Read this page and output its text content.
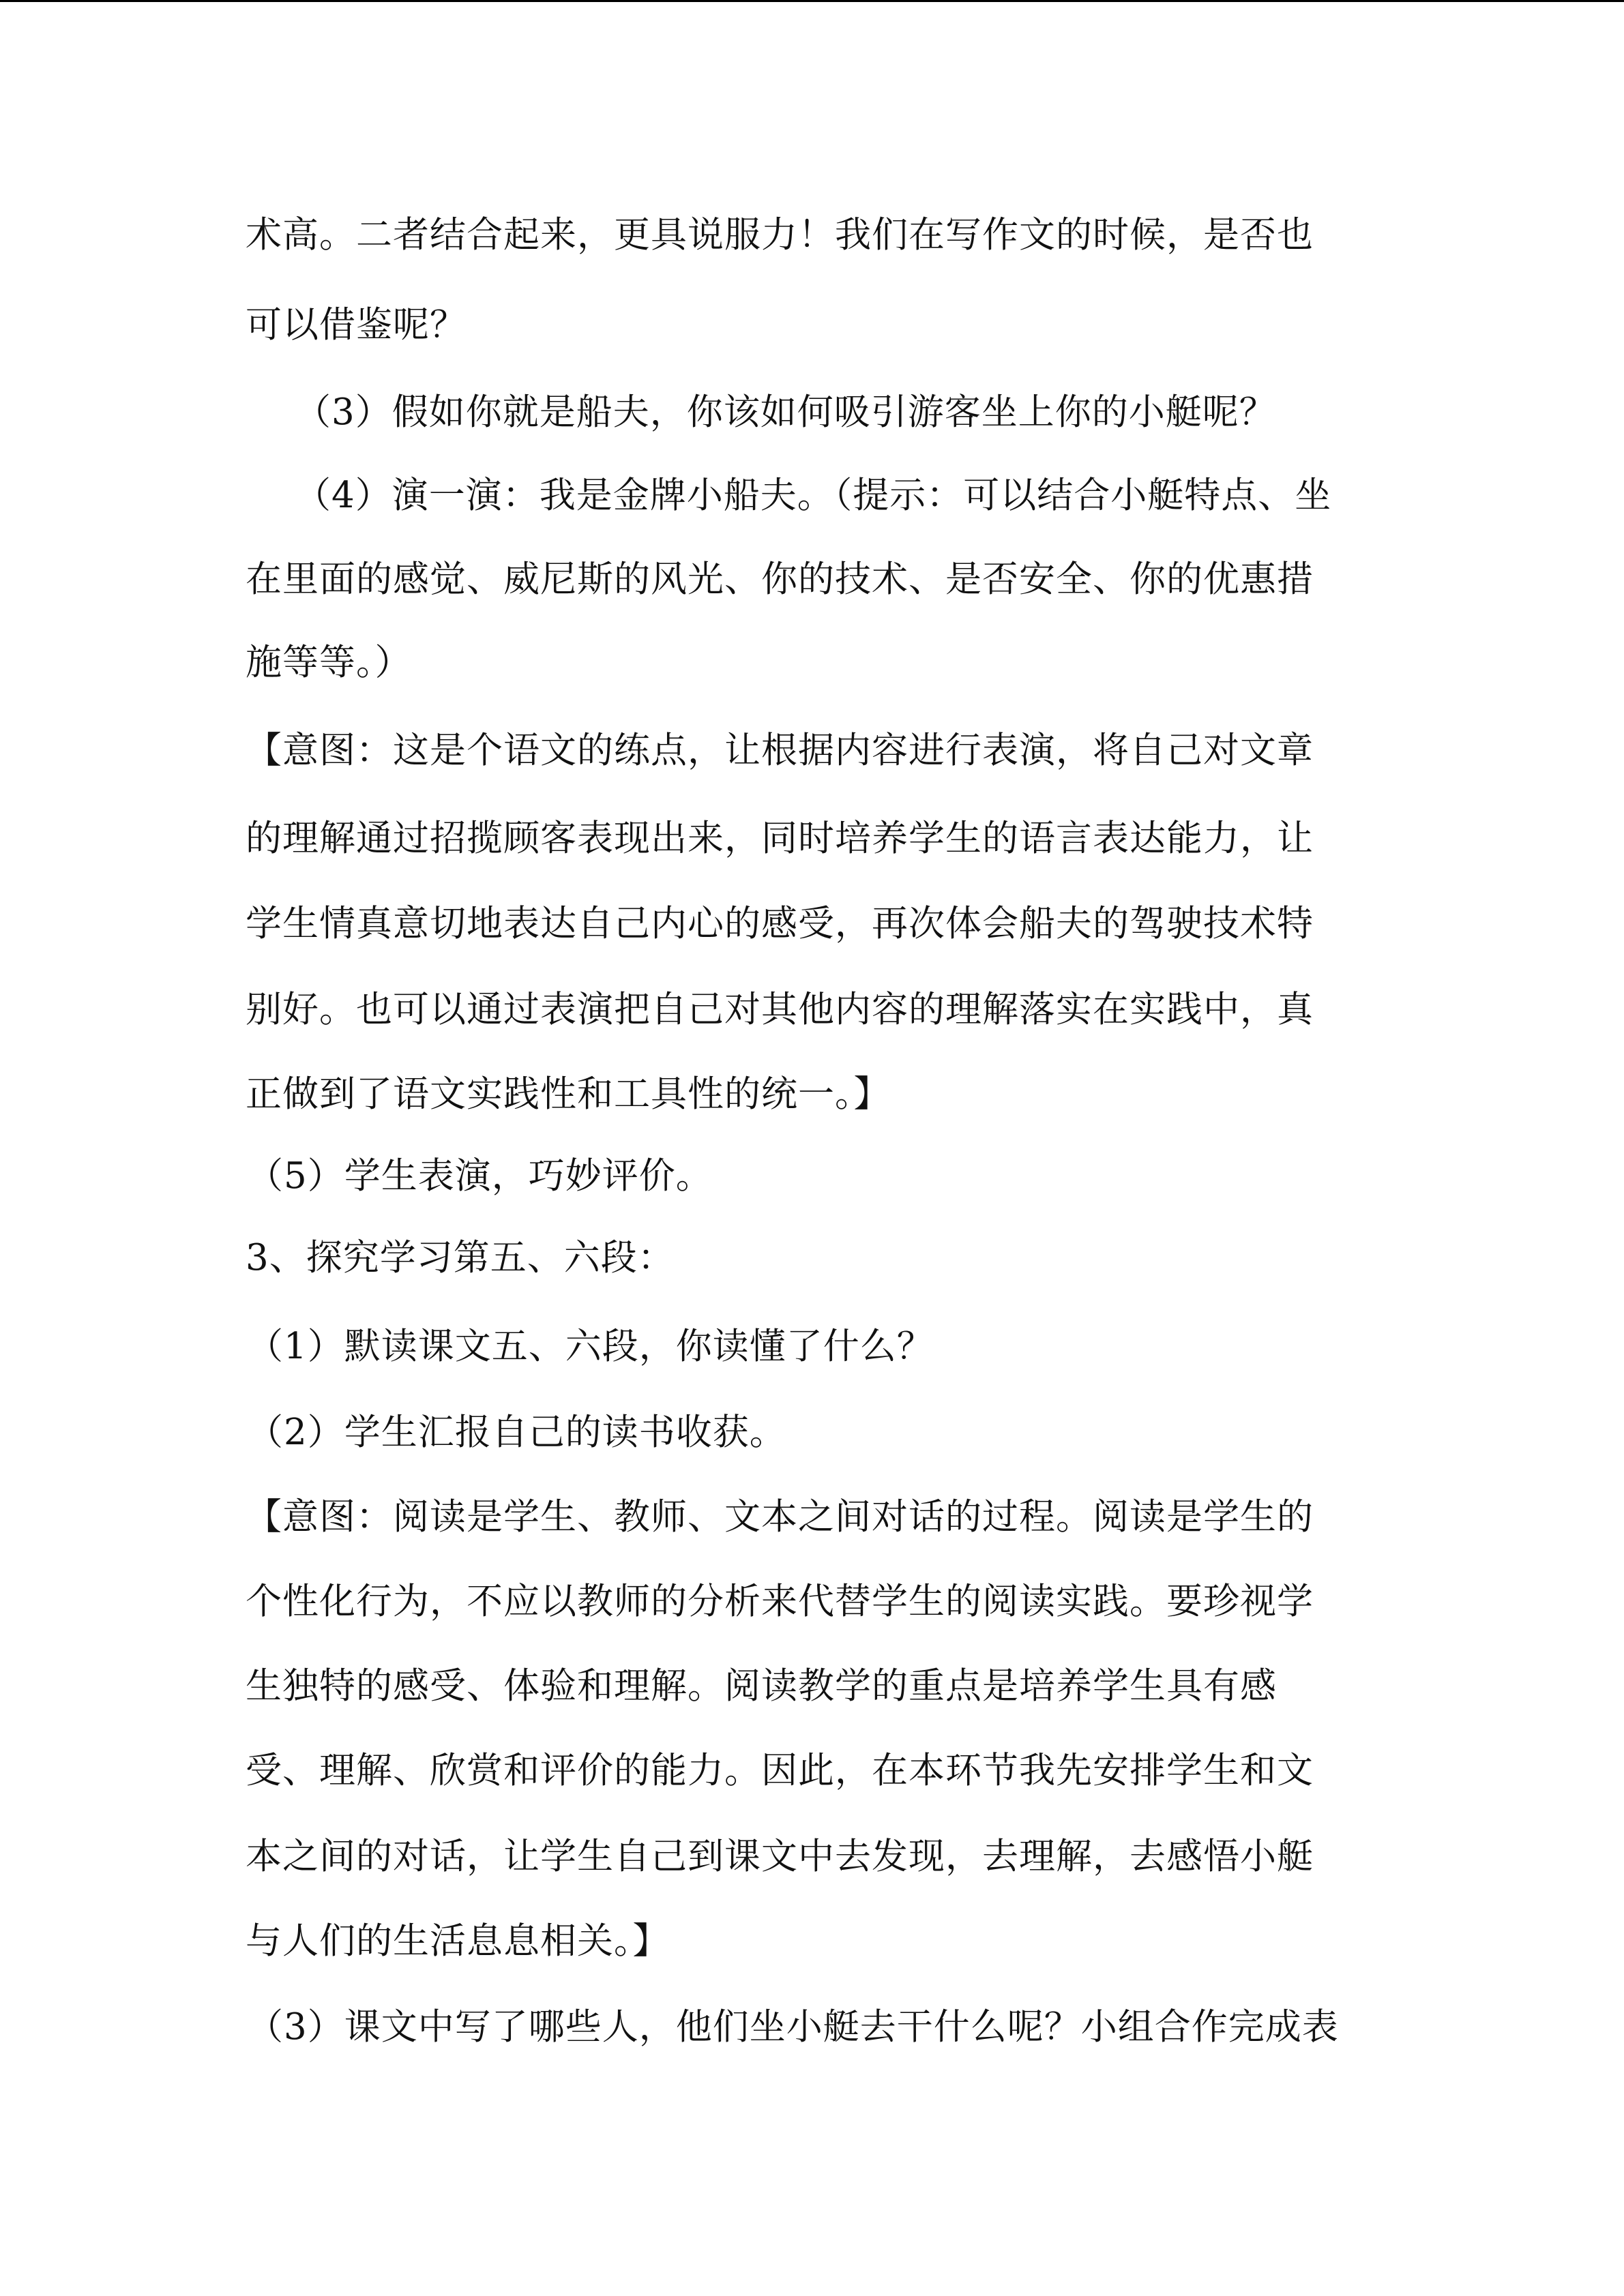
术高。二者结合起来，更具说服力！我们在写作文的时候，是否也
可以借鉴呢？
（3）假如你就是船夫，你该如何吸引游客坐上你的小艇呢？
（4）演一演：我是金牌小船夫。（提示：可以结合小艇特点、坐
在里面的感觉、威尼斯的风光、你的技术、是否安全、你的优惠措
施等等。）
【意图：这是个语文的练点，让根据内容进行表演，将自己对文章
的理解通过招揽顾客表现出来，同时培养学生的语言表达能力，让
学生情真意切地表达自己内心的感受，再次体会船夫的驾驶技术特
别好。也可以通过表演把自己对其他内容的理解落实在实践中，真
正做到了语文实践性和工具性的统一。】
（5）学生表演，巧妙评价。
3、探究学习第五、六段：
（1）默读课文五、六段，你读懂了什么？
（2）学生汇报自己的读书收获。
【意图：阅读是学生、教师、文本之间对话的过程。阅读是学生的
个性化行为，不应以教师的分析来代替学生的阅读实践。要珍视学
生独特的感受、体验和理解。阅读教学的重点是培养学生具有感
受、理解、欣赏和评价的能力。因此，在本环节我先安排学生和文
本之间的对话，让学生自己到课文中去发现，去理解，去感悟小艇
与人们的生活息息相关。】
（3）课文中写了哪些人，他们坐小艇去干什么呢？小组合作完成表
